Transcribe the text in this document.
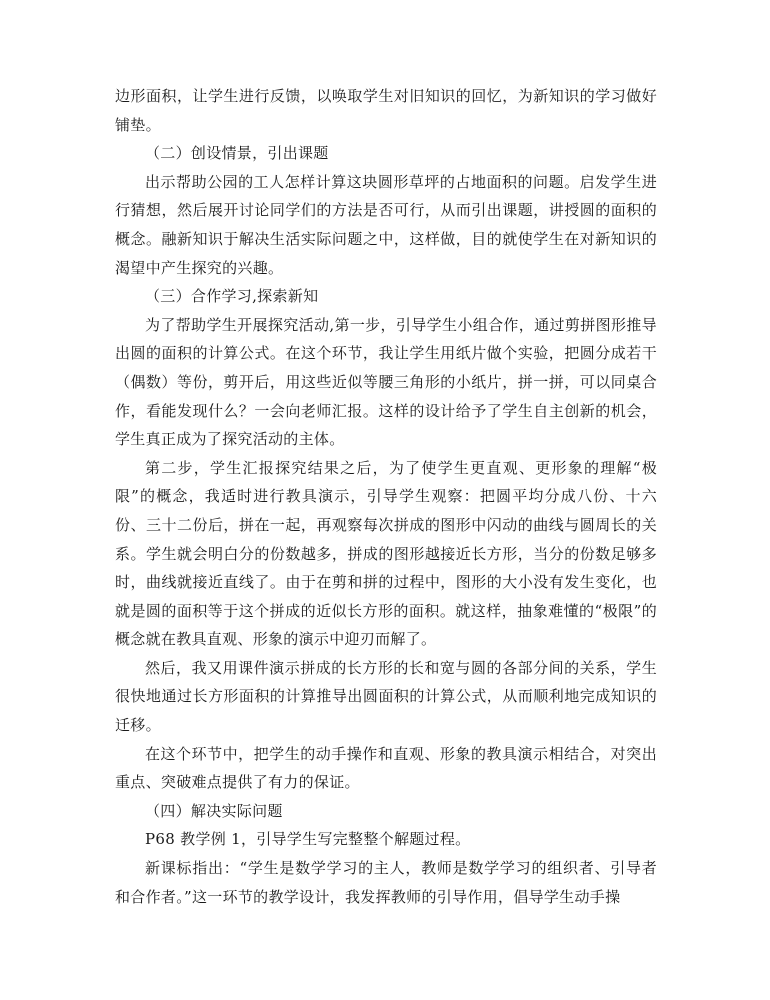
边形面积，让学生进行反馈，以唤取学生对旧知识的回忆，为新知识的学习做好铺垫。

（二）创设情景，引出课题

出示帮助公园的工人怎样计算这块圆形草坪的占地面积的问题。启发学生进行猜想，然后展开讨论同学们的方法是否可行，从而引出课题，讲授圆的面积的概念。融新知识于解决生活实际问题之中，这样做，目的就使学生在对新知识的渴望中产生探究的兴趣。

（三）合作学习,探索新知

为了帮助学生开展探究活动,第一步，引导学生小组合作，通过剪拼图形推导出圆的面积的计算公式。在这个环节，我让学生用纸片做个实验，把圆分成若干（偶数）等份，剪开后，用这些近似等腰三角形的小纸片，拼一拼，可以同桌合作，看能发现什么？一会向老师汇报。这样的设计给予了学生自主创新的机会，学生真正成为了探究活动的主体。

第二步，学生汇报探究结果之后，为了使学生更直观、更形象的理解“极限”的概念，我适时进行教具演示，引导学生观察：把圆平均分成八份、十六份、三十二份后，拼在一起，再观察每次拼成的图形中闪动的曲线与圆周长的关系。学生就会明白分的份数越多，拼成的图形越接近长方形，当分的份数足够多时，曲线就接近直线了。由于在剪和拼的过程中，图形的大小没有发生变化，也就是圆的面积等于这个拼成的近似长方形的面积。就这样，抽象难懂的“极限”的概念就在教具直观、形象的演示中迎刃而解了。

然后，我又用课件演示拼成的长方形的长和宽与圆的各部分间的关系，学生很快地通过长方形面积的计算推导出圆面积的计算公式，从而顺利地完成知识的迁移。

在这个环节中，把学生的动手操作和直观、形象的教具演示相结合，对突出重点、突破难点提供了有力的保证。

（四）解决实际问题

P68 教学例 1，引导学生写完整整个解题过程。

新课标指出：“学生是数学学习的主人，教师是数学学习的组织者、引导者和合作者。”这一环节的教学设计，我发挥教师的引导作用，倡导学生动手操
